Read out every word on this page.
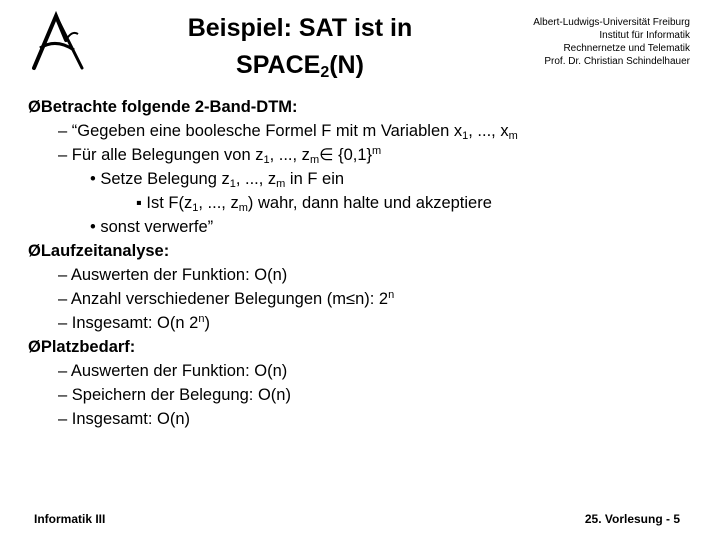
Beispiel: SAT ist in
$SPACE_2(N)$
Albert-Ludwigs-Universität Freiburg
Institut für Informatik
Rechnernetze und Telematik
Prof. Dr. Christian Schindelhauer
ØBetrachte folgende 2-Band-DTM:
– “Gegeben eine boolesche Formel F mit m Variablen $x_1$, ..., $x_m$
– Für alle Belegungen von $z_1$, ..., $z_m\in$ $\{0,1\}^m$
• Setze Belegung $z_1$, ..., $z_m$ in F ein
▪ Ist $F(z_1$, ..., $z_m$) wahr, dann halte und akzeptiere
• sonst verwerfe”
ØLaufzeitanalyse:
– Auswerten der Funktion: O(n)
– Anzahl verschiedener Belegungen (m≤n): 2$^n$
– Insgesamt: O(n 2$^n$)
ØPlatzbedarf:
– Auswerten der Funktion: O(n)
– Speichern der Belegung: O(n)
– Insgesamt: O(n)
Informatik III	25. Vorlesung - 5
